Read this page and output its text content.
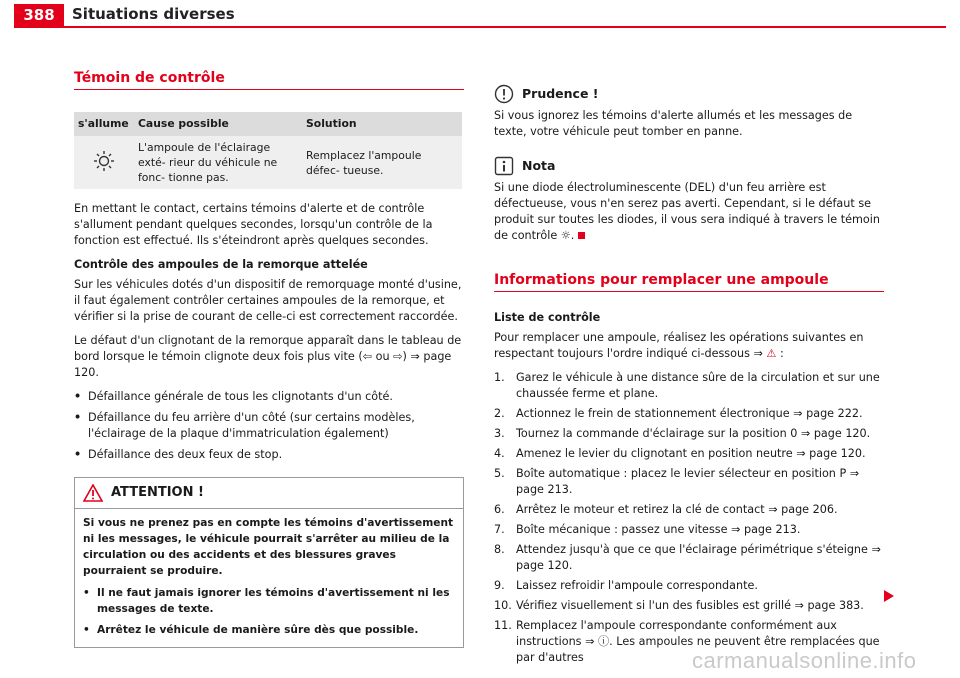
388	Situations diverses
Témoin de contrôle
s'allume	Cause possible	Solution
	L'ampoule de l'éclairage exté- rieur du véhicule ne fonc- tionne pas.	Remplacez l'ampoule défec- tueuse.

En mettant le contact, certains témoins d'alerte et de contrôle s'allument pendant quelques secondes, lorsqu'un contrôle de la fonction est effectué. Ils s'éteindront après quelques secondes.

Contrôle des ampoules de la remorque attelée

Sur les véhicules dotés d'un dispositif de remorquage monté d'usine, il faut également contrôler certaines ampoules de la remorque, et vérifier si la prise de courant de celle-ci est correctement raccordée.

Le défaut d'un clignotant de la remorque apparaît dans le tableau de bord lorsque le témoin clignote deux fois plus vite (⇦ ou ⇨) ⇒ page 120.

• Défaillance générale de tous les clignotants d'un côté.
• Défaillance du feu arrière d'un côté (sur certains modèles, l'éclairage de la plaque d'immatriculation également)
• Défaillance des deux feux de stop.
ATTENTION !

Si vous ne prenez pas en compte les témoins d'avertissement ni les messages, le véhicule pourrait s'arrêter au milieu de la circulation ou des accidents et des blessures graves pourraient se produire.

• Il ne faut jamais ignorer les témoins d'avertissement ni les messages de texte.
• Arrêtez le véhicule de manière sûre dès que possible.
Prudence !

Si vous ignorez les témoins d'alerte allumés et les messages de texte, votre véhicule peut tomber en panne.

Nota

Si une diode électroluminescente (DEL) d'un feu arrière est défectueuse, vous n'en serez pas averti. Cependant, si le défaut se produit sur toutes les diodes, il vous sera indiqué à travers le témoin de contrôle ☼.

Informations pour remplacer une ampoule

Liste de contrôle

Pour remplacer une ampoule, réalisez les opérations suivantes en respectant toujours l'ordre indiqué ci-dessous ⇒ ⚠ :

1.	Garez le véhicule à une distance sûre de la circulation et sur une chaussée ferme et plane.
2.	Actionnez le frein de stationnement électronique ⇒ page 222.
3.	Tournez la commande d'éclairage sur la position 0 ⇒ page 120.
4.	Amenez le levier du clignotant en position neutre ⇒ page 120.
5.	Boîte automatique : placez le levier sélecteur en position P ⇒ page 213.
6.	Arrêtez le moteur et retirez la clé de contact ⇒ page 206.
7.	Boîte mécanique : passez une vitesse ⇒ page 213.
8.	Attendez jusqu'à que ce que l'éclairage périmétrique s'éteigne ⇒ page 120.
9.	Laissez refroidir l'ampoule correspondante.
10. Vérifiez visuellement si l'un des fusibles est grillé ⇒ page 383.
11. Remplacez l'ampoule correspondante conformément aux instructions ⇒ ⓘ. Les ampoules ne peuvent être remplacées que par d'autres	carmanualsonline.info
